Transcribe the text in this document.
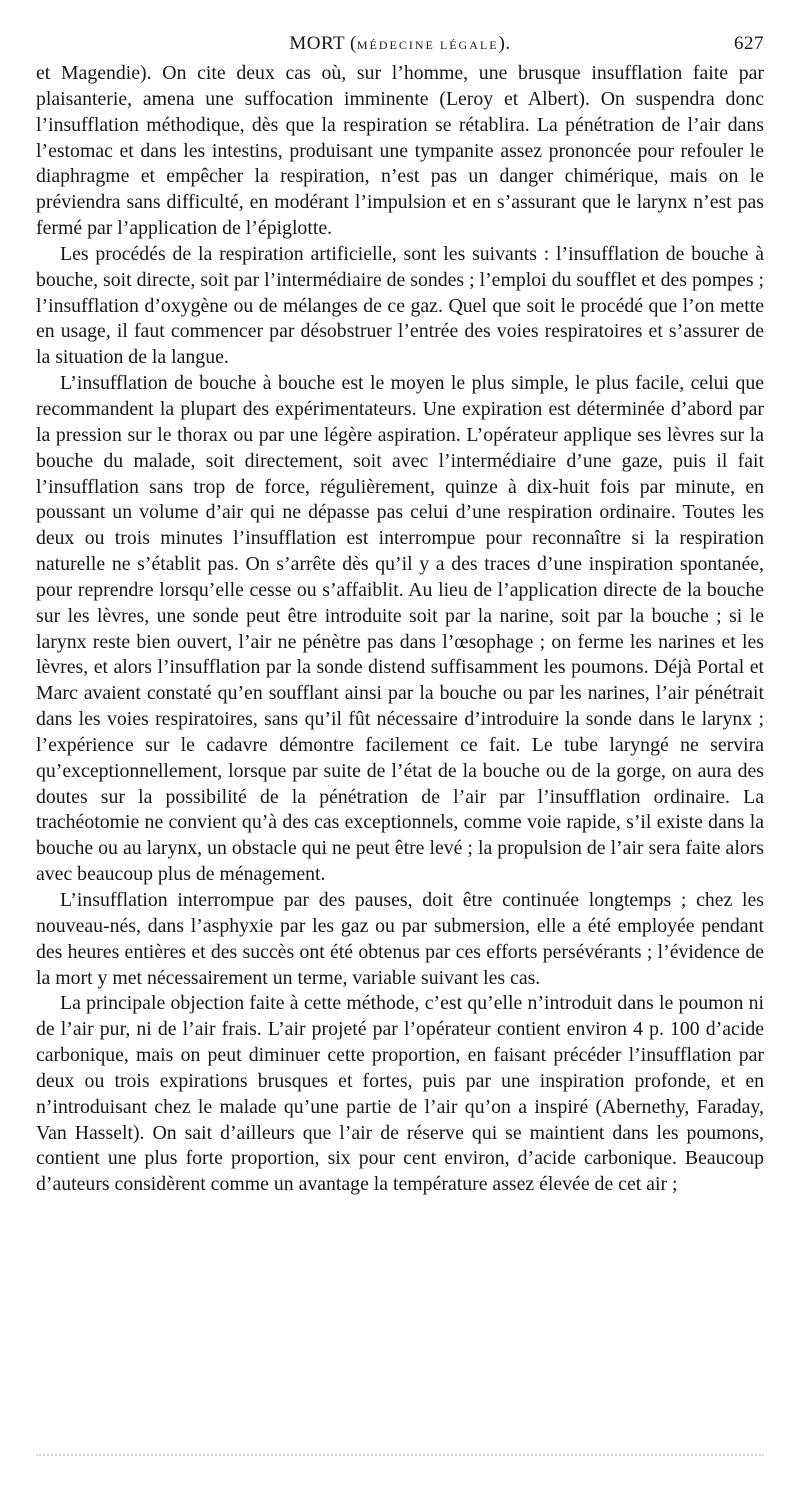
MORT (MÉDECINE LÉGALE).	627

et Magendie). On cite deux cas où, sur l’homme, une brusque insufflation faite par plaisanterie, amena une suffocation imminente (Leroy et Albert). On suspendra donc l’insufflation méthodique, dès que la respiration se rétablira. La pénétration de l’air dans l’estomac et dans les intestins, produisant une tympanite assez prononcée pour refouler le diaphragme et empêcher la respiration, n’est pas un danger chimérique, mais on le préviendra sans difficulté, en modérant l’impulsion et en s’assurant que le larynx n’est pas fermé par l’application de l’épiglotte.

Les procédés de la respiration artificielle, sont les suivants : l’insufflation de bouche à bouche, soit directe, soit par l’intermédiaire de sondes ; l’emploi du soufflet et des pompes ; l’insufflation d’oxygène ou de mélanges de ce gaz. Quel que soit le procédé que l’on mette en usage, il faut commencer par désobstruer l’entrée des voies respiratoires et s’assurer de la situation de la langue.

L’insufflation de bouche à bouche est le moyen le plus simple, le plus facile, celui que recommandent la plupart des expérimentateurs. Une expiration est déterminée d’abord par la pression sur le thorax ou par une légère aspiration. L’opérateur applique ses lèvres sur la bouche du malade, soit directement, soit avec l’intermédiaire d’une gaze, puis il fait l’insufflation sans trop de force, régulièrement, quinze à dix-huit fois par minute, en poussant un volume d’air qui ne dépasse pas celui d’une respiration ordinaire. Toutes les deux ou trois minutes l’insufflation est interrompue pour reconnaître si la respiration naturelle ne s’établit pas. On s’arrête dès qu’il y a des traces d’une inspiration spontanée, pour reprendre lorsqu’elle cesse ou s’affaiblit. Au lieu de l’application directe de la bouche sur les lèvres, une sonde peut être introduite soit par la narine, soit par la bouche ; si le larynx reste bien ouvert, l’air ne pénètre pas dans l’œsophage ; on ferme les narines et les lèvres, et alors l’insufflation par la sonde distend suffisamment les poumons. Déjà Portal et Marc avaient constaté qu’en soufflant ainsi par la bouche ou par les narines, l’air pénétrait dans les voies respiratoires, sans qu’il fût nécessaire d’introduire la sonde dans le larynx ; l’expérience sur le cadavre démontre facilement ce fait. Le tube laryngé ne servira qu’exceptionnellement, lorsque par suite de l’état de la bouche ou de la gorge, on aura des doutes sur la possibilité de la pénétration de l’air par l’insufflation ordinaire. La trachéotomie ne convient qu’à des cas exceptionnels, comme voie rapide, s’il existe dans la bouche ou au larynx, un obstacle qui ne peut être levé ; la propulsion de l’air sera faite alors avec beaucoup plus de ménagement.

L’insufflation interrompue par des pauses, doit être continuée longtemps ; chez les nouveau-nés, dans l’asphyxie par les gaz ou par submersion, elle a été employée pendant des heures entières et des succès ont été obtenus par ces efforts persévérants ; l’évidence de la mort y met nécessairement un terme, variable suivant les cas.

La principale objection faite à cette méthode, c’est qu’elle n’introduit dans le poumon ni de l’air pur, ni de l’air frais. L’air projeté par l’opérateur contient environ 4 p. 100 d’acide carbonique, mais on peut diminuer cette proportion, en faisant précéder l’insufflation par deux ou trois expirations brusques et fortes, puis par une inspiration profonde, et en n’introduisant chez le malade qu’une partie de l’air qu’on a inspiré (Abernethy, Faraday, Van Hasselt). On sait d’ailleurs que l’air de réserve qui se maintient dans les poumons, contient une plus forte proportion, six pour cent environ, d’acide carbonique. Beaucoup d’auteurs considèrent comme un avantage la température assez élevée de cet air ;
